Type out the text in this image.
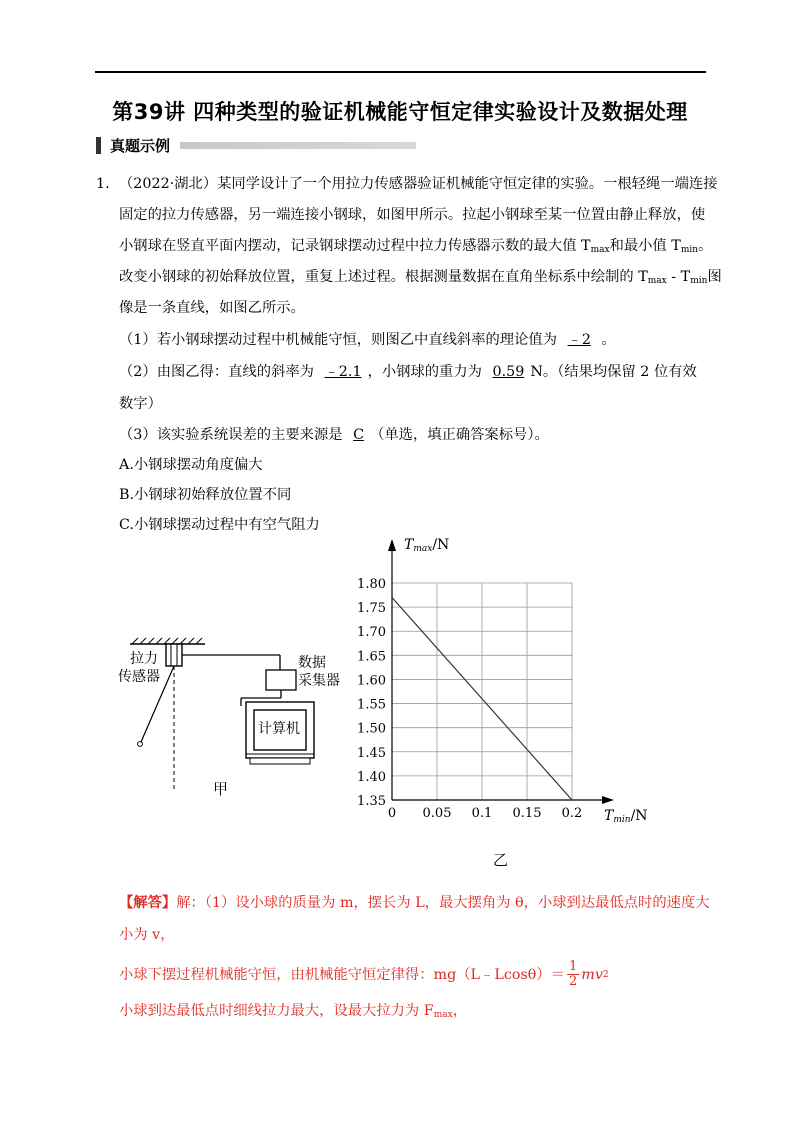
第39讲 四种类型的验证机械能守恒定律实验设计及数据处理
真题示例
1. （2022·湖北）某同学设计了一个用拉力传感器验证机械能守恒定律的实验。一根轻绳一端连接
固定的拉力传感器，另一端连接小钢球，如图甲所示。拉起小钢球至某一位置由静止释放，使
小钢球在竖直平面内摆动，记录钢球摆动过程中拉力传感器示数的最大值 $T_{max}$和最小值 $T_{min}$。
改变小钢球的初始释放位置，重复上述过程。根据测量数据在直角坐标系中绘制的 $T_{max} - T_{min}$图
像是一条直线，如图乙所示。
（1）若小钢球摆动过程中机械能守恒，则图乙中直线斜率的理论值为 ﹣2 。
（2）由图乙得：直线的斜率为 ﹣2.1 ，小钢球的重力为 0.59 N。（结果均保留 2 位有效
数字）
（3）该实验系统误差的主要来源是 C （单选，填正确答案标号）。
A.小钢球摆动角度偏大
B.小钢球初始释放位置不同
C.小钢球摆动过程中有空气阻力
拉力
传感器
数据
采集器
计算机
甲
1.35
1.40
1.45
1.50
1.55
1.60
1.65
1.70
1.75
1.80
0 0.05 0.1 0.15 0.2
$T_{max}/N$
$T_{min}/N$
乙
【解答】解：（1）设小球的质量为 m，摆长为 L，最大摆角为 θ，小球到达最低点时的速度大
小为 v，
小球下摆过程机械能守恒，由机械能守恒定律得：mg（L﹣Lcosθ）＝ $\frac{1}{2}$ mv 2
小球到达最低点时细线拉力最大，设最大拉力为 $F_{max}$，
